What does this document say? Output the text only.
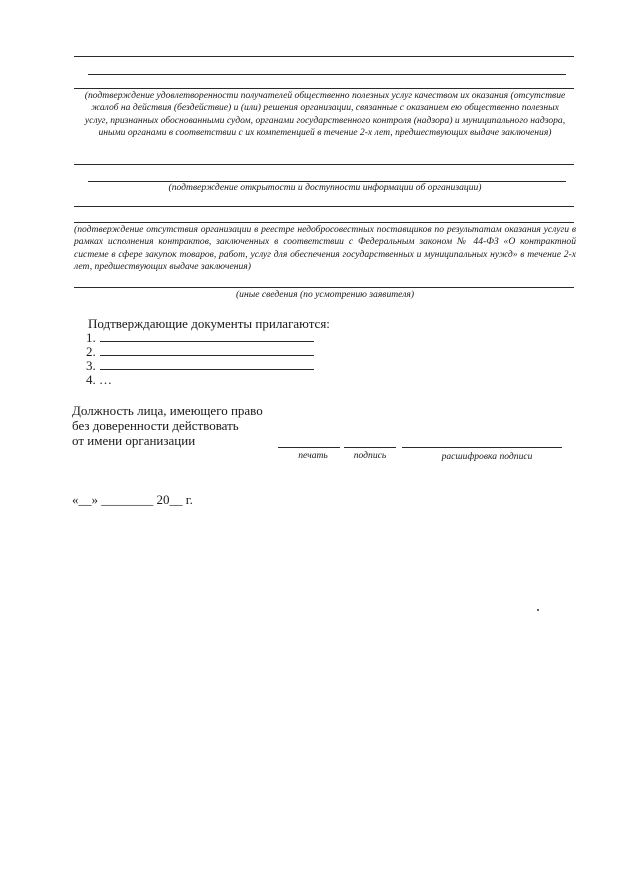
(подтверждение удовлетворенности получателей общественно полезных услуг качеством их оказания (отсутствие жалоб на действия (бездействие) и (или) решения организации, связанные с оказанием ею общественно полезных услуг, признанных обоснованными судом, органами государственного контроля (надзора) и муниципального надзора, иными органами в соответствии с их компетенцией в течение 2-х лет, предшествующих выдаче заключения)
(подтверждение открытости и доступности информации об организации)
(подтверждение отсутствия организации в реестре недобросовестных поставщиков по результатам оказания услуги в рамках исполнения контрактов, заключенных в соответствии с Федеральным законом № 44-ФЗ «О контрактной системе в сфере закупок товаров, работ, услуг для обеспечения государственных и муниципальных нужд» в течение 2-х лет, предшествующих выдаче заключения)
(иные сведения (по усмотрению заявителя)
Подтверждающие документы прилагаются:
1.
2.
3.
4. …
Должность лица, имеющего право
без доверенности действовать
от имени организации
печать	подпись	расшифровка подписи
«__» ________ 20__ г.
